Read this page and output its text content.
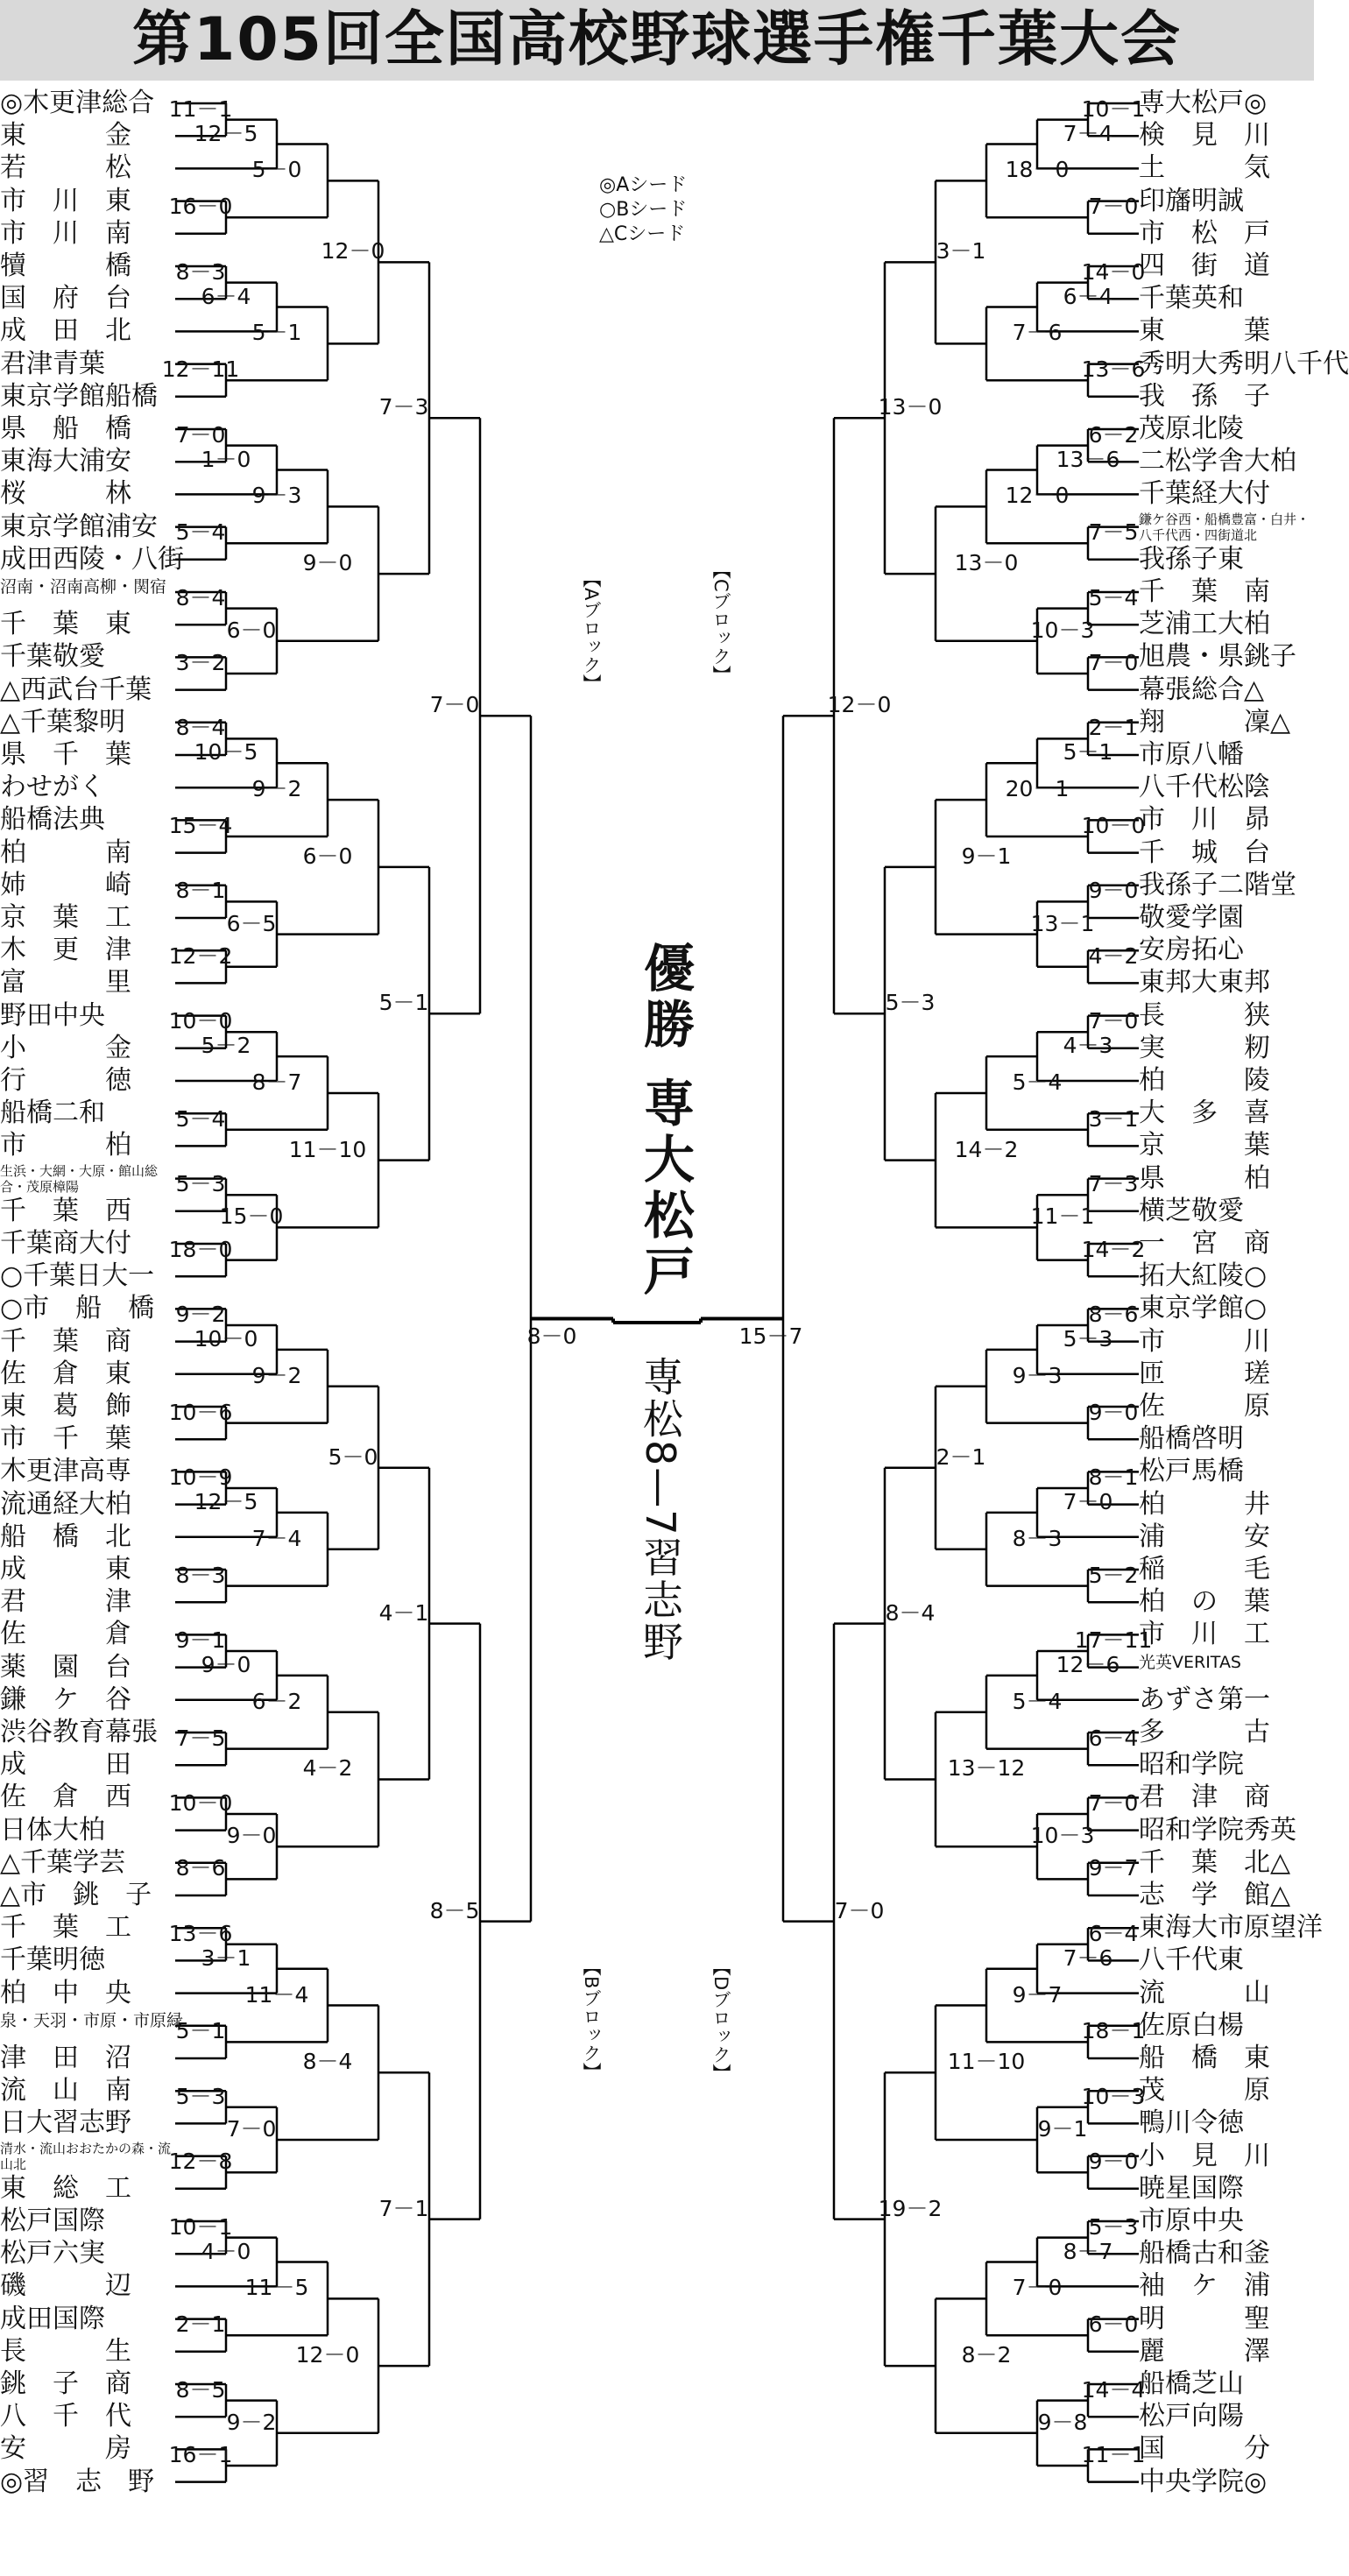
第105回全国高校野球選手権千葉大会
◎Aシード
○Bシード
△Cシード
優勝 専大松戸
専松8—7習志野
【Aブロック】
【Bブロック】
【Cブロック】
【Dブロック】
◎木更津総合
東　　　金
若　　　松
市　川　東
市　川　南
犢　　　橋
国　府　台
成　田　北
君津青葉
東京学館船橋
県　船　橋
東海大浦安
桜　　　林
東京学館浦安
成田西陵・八街
沼南・沼南高柳・関宿
千　葉　東
千葉敬愛
△西武台千葉
△千葉黎明
県　千　葉
わせがく
船橋法典
柏　　　南
姉　　　崎
京　葉　工
木　更　津
富　　　里
野田中央
小　　　金
行　　　徳
船橋二和
市　　　柏
生浜・大網・大原・館山総合・茂原樟陽
千　葉　西
千葉商大付
○千葉日大一
○市　船　橋
千　葉　商
佐　倉　東
東　葛　飾
市　千　葉
木更津高専
流通経大柏
船　橋　北
成　　　東
君　　　津
佐　　　倉
薬　園　台
鎌　ケ　谷
渋谷教育幕張
成　　　田
佐　倉　西
日体大柏
△千葉学芸
△市　銚　子
千　葉　工
千葉明徳
柏　中　央
泉・天羽・市原・市原緑
津　田　沼
流　山　南
日大習志野
清水・流山おおたかの森・流山北
東　総　工
松戸国際
松戸六実
磯　　　辺
成田国際
長　　　生
銚　子　商
八　千　代
安　　　房
◎習　志　野
専大松戸◎
検　見　川
土　　　気
印旛明誠
市　松　戸
四　街　道
千葉英和
東　　　葉
秀明大秀明八千代
我　孫　子
茂原北陵
二松学舎大柏
千葉経大付
鎌ケ谷西・船橋豊富・白井・八千代西・四街道北
我孫子東
千　葉　南
芝浦工大柏
旭農・県銚子
幕張総合△
翔　　　凜△
市原八幡
八千代松陰
市　川　昴
千　城　台
我孫子二階堂
敬愛学園
安房拓心
東邦大東邦
長　　　狭
実　　　籾
柏　　　陵
大　多　喜
京　　　葉
県　　　柏
横芝敬愛
一　宮　商
拓大紅陵○
東京学館○
市　　　川
匝　　　瑳
佐　　　原
船橋啓明
松戸馬橋
柏　　　井
浦　　　安
稲　　　毛
柏　の　葉
市　川　工
光英VERITAS
あずさ第一
多　　　古
昭和学院
君　津　商
昭和学院秀英
千　葉　北△
志　学　館△
東海大市原望洋
八千代東
流　　　山
佐原白楊
船　橋　東
茂　　　原
鴨川令徳
小　見　川
暁星国際
市原中央
船橋古和釜
袖　ケ　浦
明　　　聖
麗　　　澤
船橋芝山
松戸向陽
国　　　分
中央学院◎
11－1
12－5
16－0
5－0
8－3
6－4
12－11
5－1
12－0
7－0
1－0
5－4
9－3
8－4
3－2
6－0
9－0
7－3
8－4
10－5
15－4
9－2
8－1
12－2
6－5
6－0
10－0
5－2
5－4
8－7
5－3
18－0
15－0
11－10
5－1
7－0
9－2
10－0
10－6
9－2
10－9
12－5
8－3
7－4
5－0
9－1
9－0
7－5
6－2
10－0
8－6
9－0
4－2
4－1
13－6
3－1
5－1
11－4
5－3
12－8
7－0
8－4
10－1
4－0
2－1
11－5
8－5
16－1
9－2
12－0
7－1
8－5
10－1
7－4
7－0
18－0
14－0
6－4
13－6
7－6
3－1
6－2
13－6
7－5
12－0
5－4
7－0
10－3
13－0
13－0
2－1
5－1
10－0
20－1
9－0
4－2
13－1
9－1
7－0
4－3
3－1
5－4
7－3
14－2
11－1
14－2
5－3
12－0
8－6
5－3
9－0
9－3
8－1
7－0
5－2
8－3
2－1
17－11
12－6
6－4
5－4
7－0
9－7
10－3
13－12
8－4
6－4
7－6
18－1
9－7
10－3
9－0
9－1
11－10
5－3
8－7
6－0
7－0
14－4
11－1
9－8
8－2
19－2
7－0
8－0	15－7
